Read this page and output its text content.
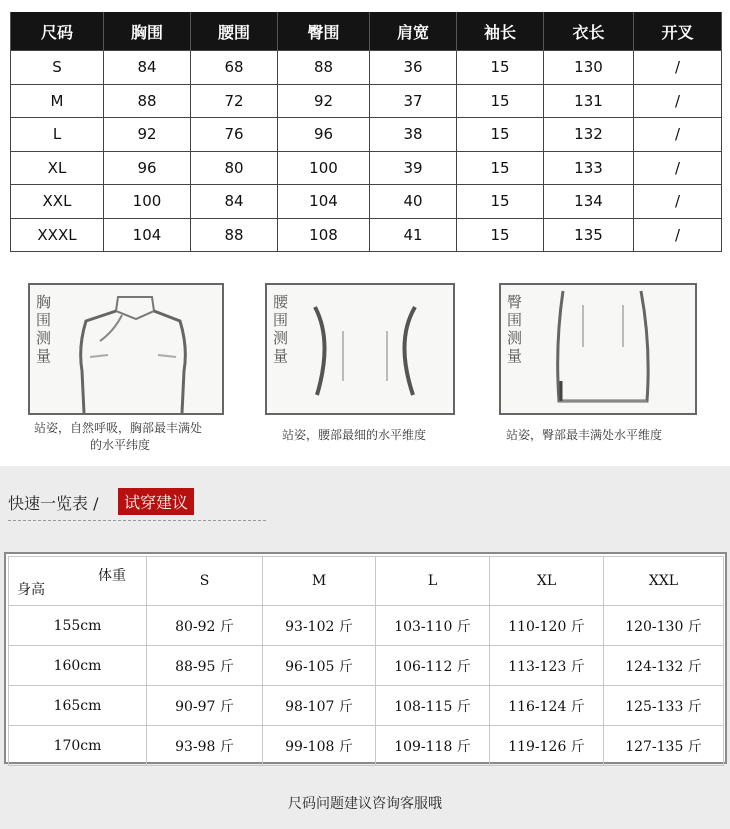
尺码	胸围	腰围	臀围	肩宽	袖长	衣长	开叉
S	84	68	88	36	15	130	/
M	88	72	92	37	15	131	/
L	92	76	96	38	15	132	/
XL	96	80	100	39	15	133	/
XXL	100	84	104	40	15	134	/
XXXL	104	88	108	41	15	135	/
胸围测量
站姿，自然呼吸，胸部最丰满处
的水平纬度
腰围测量
站姿，腰部最细的水平维度
臀围测量
站姿，臀部最丰满处水平维度
快速一览表 /	试穿建议
体重
身高	S	M	L	XL	XXL
155cm	80-92 斤	93-102 斤	103-110 斤	110-120 斤	120-130 斤
160cm	88-95 斤	96-105 斤	106-112 斤	113-123 斤	124-132 斤
165cm	90-97 斤	98-107 斤	108-115 斤	116-124 斤	125-133 斤
170cm	93-98 斤	99-108 斤	109-118 斤	119-126 斤	127-135 斤
尺码问题建议咨询客服哦
